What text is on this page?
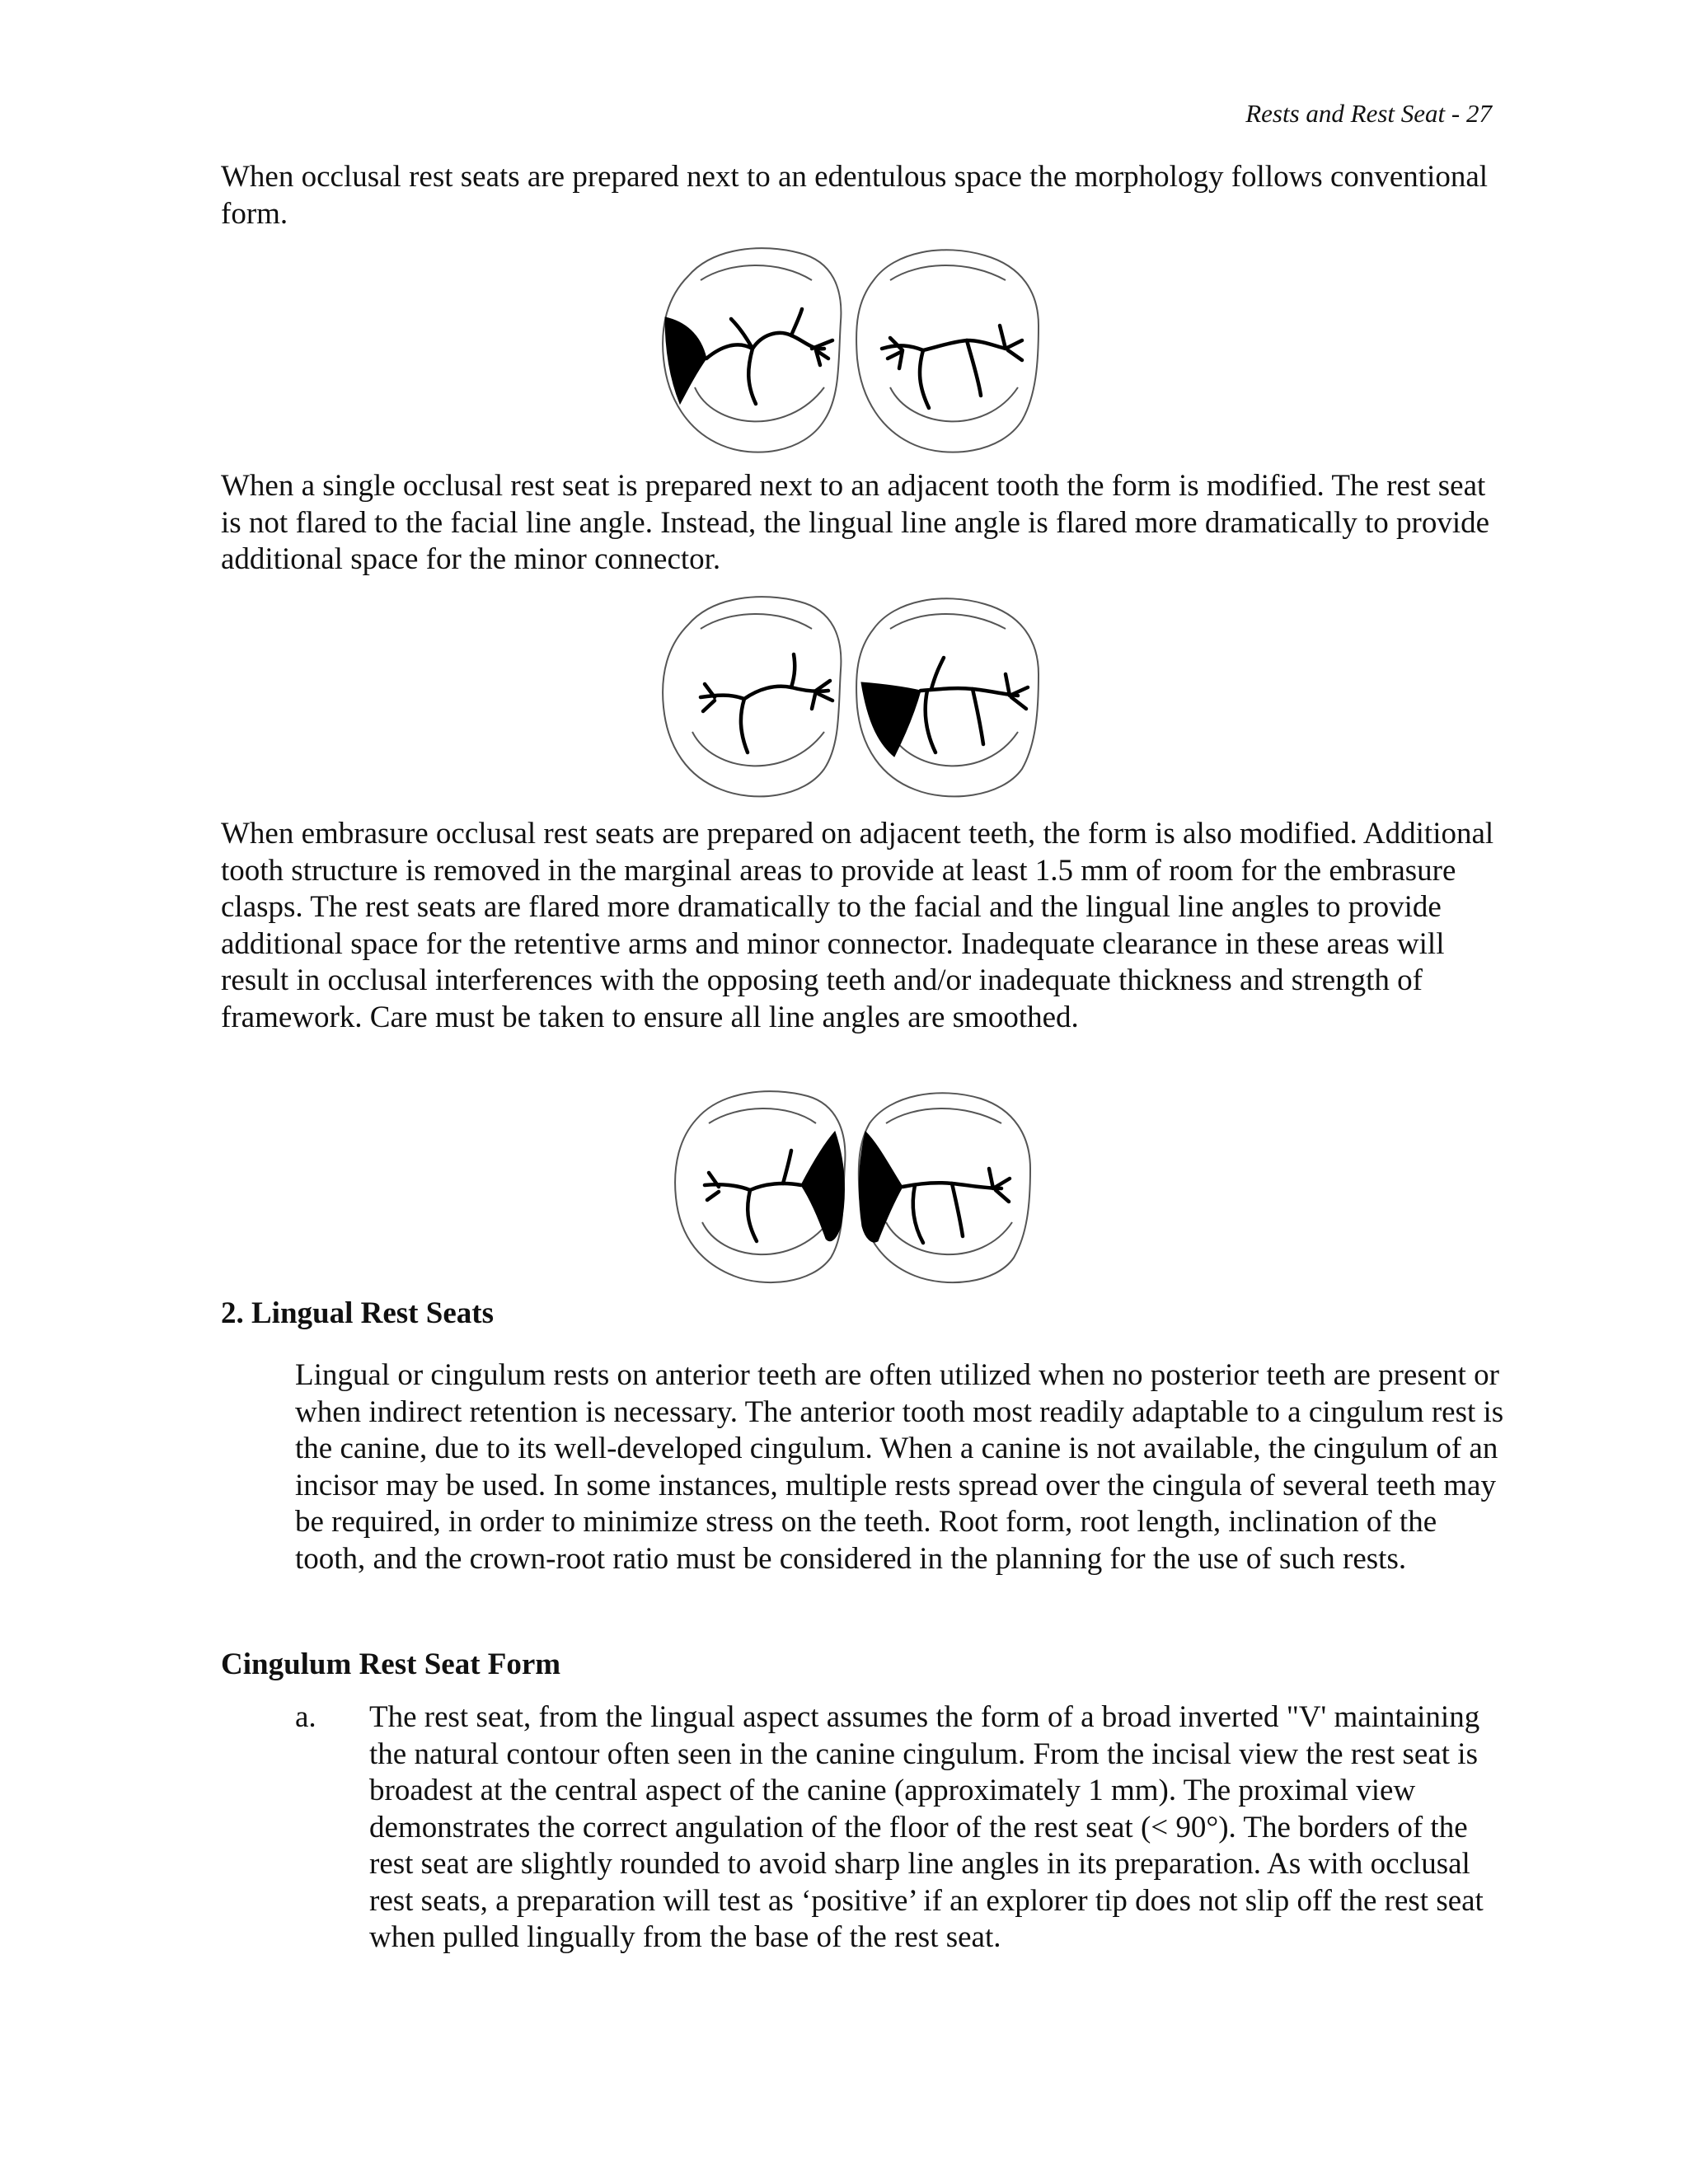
Rests and Rest Seat - 27

When occlusal rest seats are prepared next to an edentulous space the morphology follows conventional form.

When a single occlusal rest seat is prepared next to an adjacent tooth the form is modified. The rest seat is not flared to the facial line angle. Instead, the lingual line angle is flared more dramatically to provide additional space for the minor connector.

When embrasure occlusal rest seats are prepared on adjacent teeth, the form is also modified. Additional tooth structure is removed in the marginal areas to provide at least 1.5 mm of room for the embrasure clasps. The rest seats are flared more dramatically to the facial and the lingual line angles to provide additional space for the retentive arms and minor connector. Inadequate clearance in these areas will result in occlusal interferences with the opposing teeth and/or inadequate thickness and strength of framework. Care must be taken to ensure all line angles are smoothed.

2. Lingual Rest Seats

Lingual or cingulum rests on anterior teeth are often utilized when no posterior teeth are present or when indirect retention is necessary. The anterior tooth most readily adaptable to a cingulum rest is the canine, due to its well-developed cingulum. When a canine is not available, the cingulum of an incisor may be used. In some instances, multiple rests spread over the cingula of several teeth may be required, in order to minimize stress on the teeth. Root form, root length, inclination of the tooth, and the crown-root ratio must be considered in the planning for the use of such rests.

Cingulum Rest Seat Form
a. The rest seat, from the lingual aspect assumes the form of a broad inverted "V' maintaining the natural contour often seen in the canine cingulum. From the incisal view the rest seat is broadest at the central aspect of the canine (approximately 1 mm). The proximal view demonstrates the correct angulation of the floor of the rest seat (< 90°). The borders of the rest seat are slightly rounded to avoid sharp line angles in its preparation. As with occlusal rest seats, a preparation will test as ‘positive’ if an explorer tip does not slip off the rest seat when pulled lingually from the base of the rest seat.
